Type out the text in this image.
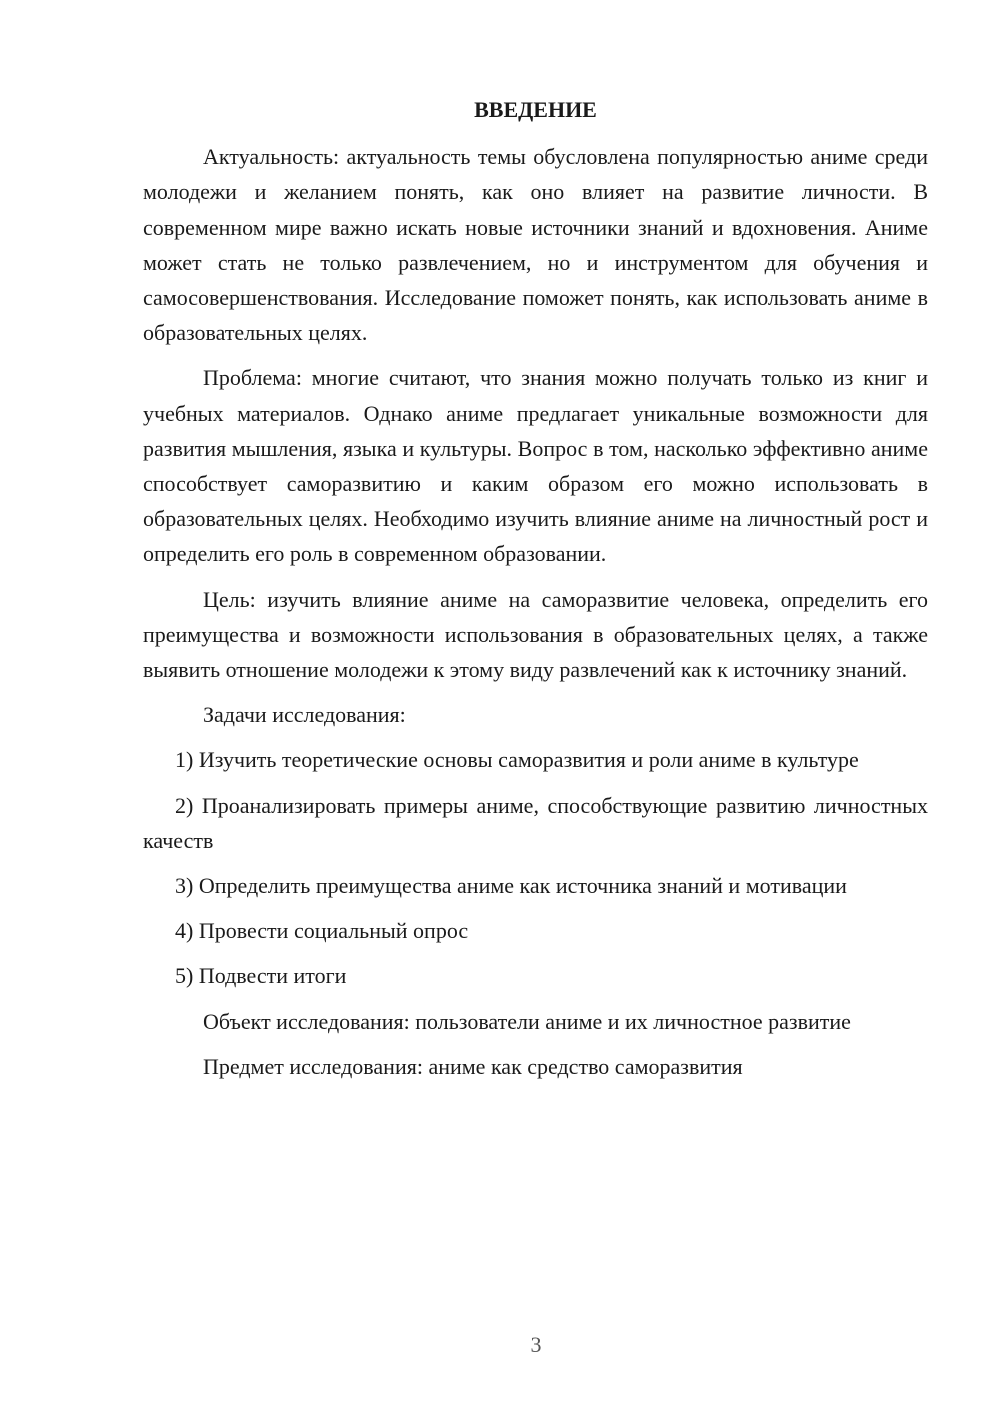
ВВЕДЕНИЕ

Актуальность: актуальность темы обусловлена популярностью аниме среди молодежи и желанием понять, как оно влияет на развитие личности. В современном мире важно искать новые источники знаний и вдохновения. Аниме может стать не только развлечением, но и инструментом для обучения и самосовершенствования. Исследование поможет понять, как использовать аниме в образовательных целях.

Проблема: многие считают, что знания можно получать только из книг и учебных материалов. Однако аниме предлагает уникальные возможности для развития мышления, языка и культуры. Вопрос в том, насколько эффективно аниме способствует саморазвитию и каким образом его можно использовать в образовательных целях. Необходимо изучить влияние аниме на личностный рост и определить его роль в современном образовании.

Цель: изучить влияние аниме на саморазвитие человека, определить его преимущества и возможности использования в образовательных целях, а также выявить отношение молодежи к этому виду развлечений как к источнику знаний.

Задачи исследования:

1) Изучить теоретические основы саморазвития и роли аниме в культуре

2) Проанализировать примеры аниме, способствующие развитию личностных качеств

3) Определить преимущества аниме как источника знаний и мотивации

4) Провести социальный опрос

5) Подвести итоги

Объект исследования: пользователи аниме и их личностное развитие

Предмет исследования: аниме как средство саморазвития

3
